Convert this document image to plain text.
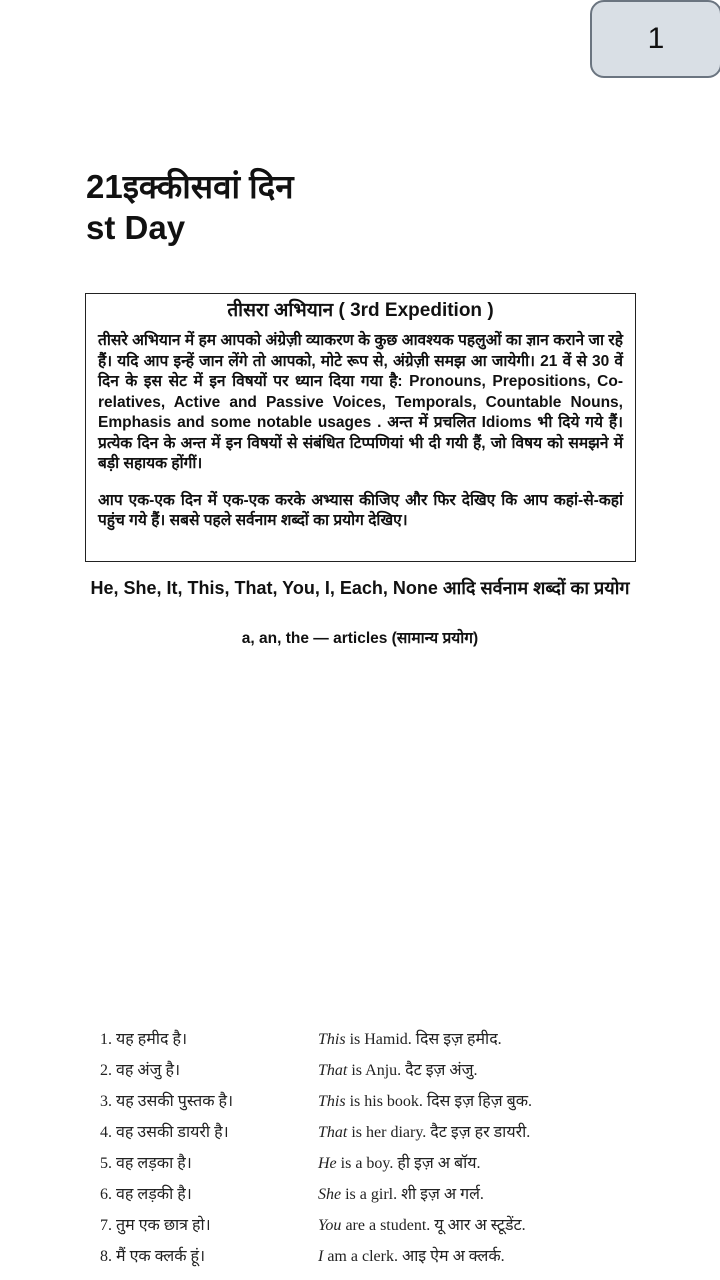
1
21इक्कीसवां दिन
st Day
तीसरा अभियान ( 3rd Expedition )

तीसरे अभियान में हम आपको अंग्रेज़ी व्याकरण के कुछ आवश्यक पहलुओं का ज्ञान कराने जा रहे हैं। यदि आप इन्हें जान लेंगे तो आपको, मोटे रूप से, अंग्रेज़ी समझ आ जायेगी। 21 वें से 30 वें दिन के इस सेट में इन विषयों पर ध्यान दिया गया है: Pronouns, Prepositions, Co-relatives, Active and Passive Voices, Temporals, Countable Nouns, Emphasis and some notable usages . अन्त में प्रचलित Idioms भी दिये गये हैं। प्रत्येक दिन के अन्त में इन विषयों से संबंधित टिप्पणियां भी दी गयी हैं, जो विषय को समझने में बड़ी सहायक होंगीं।

आप एक-एक दिन में एक-एक करके अभ्यास कीजिए और फिर देखिए कि आप कहां-से-कहां पहुंच गये हैं। सबसे पहले सर्वनाम शब्दों का प्रयोग देखिए।

He, She, It, This, That, You, I, Each, None आदि सर्वनाम शब्दों का प्रयोग
a, an, the — articles (सामान्य प्रयोग)
1. यह हमीद है।	This is Hamid. दिस इज़ हमीद.
2. वह अंजु है।	That is Anju. दैट इज़ अंजु.
3. यह उसकी पुस्तक है।	This is his book. दिस इज़ हिज़ बुक.
4. वह उसकी डायरी है।	That is her diary. दैट इज़ हर डायरी.
5. वह लड़का है।	He is a boy. ही इज़ अ बॉय.
6. वह लड़की है।	She is a girl. शी इज़ अ गर्ल.
7. तुम एक छात्र हो।	You are a student. यू आर अ स्टूडेंट.
8. मैं एक क्लर्क हूं।	I am a clerk. आइ ऐम अ क्लर्क.
